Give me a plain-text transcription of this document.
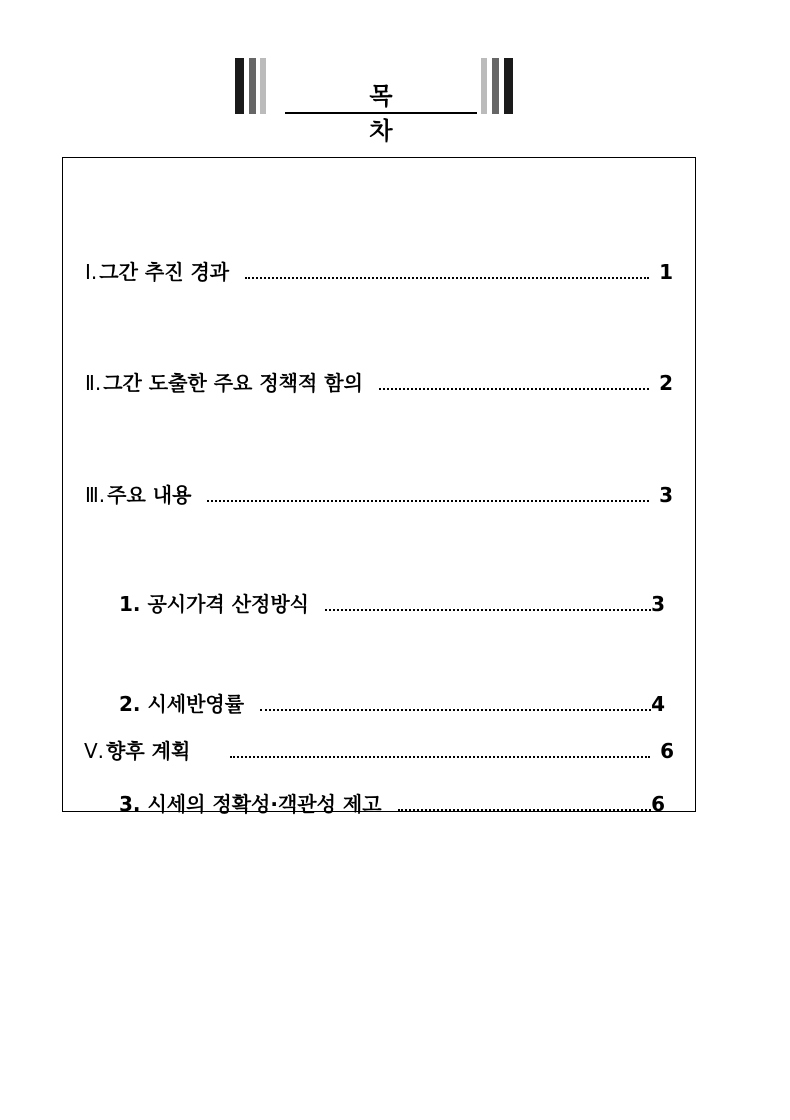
목 차
Ⅰ. 그간 추진 경과	1
Ⅱ. 그간 도출한 주요 정책적 함의	2
Ⅲ. 주요 내용	3
1. 공시가격 산정방식	3
2. 시세반영률	4
3. 시세의 정확성·객관성 제고	6
Ⅴ. 향후 계획	6
